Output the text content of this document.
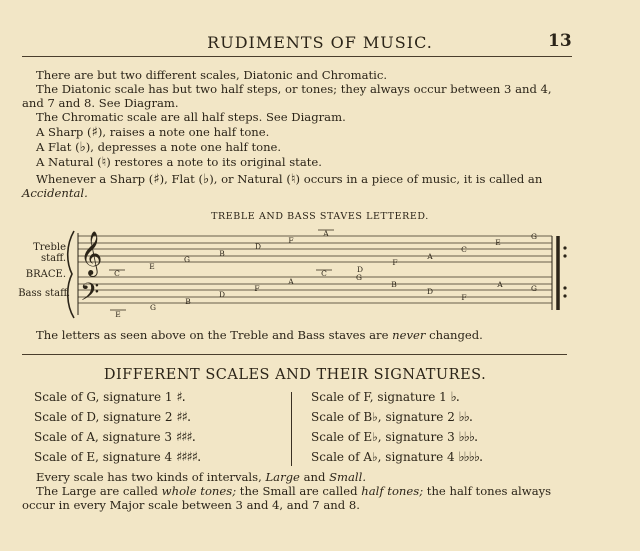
RUDIMENTS OF MUSIC.	13
There are but two different scales, Diatonic and Chromatic.
The Diatonic scale has but two half steps, or tones; they always occur between 3 and 4,
and 7 and 8. See Diagram.
The Chromatic scale are all half steps. See Diagram.
A Sharp (♯), raises a note one half tone.
A Flat (♭), depresses a note one half tone.
A Natural (♮) restores a note to its original state.
Whenever a Sharp (♯), Flat (♭), or Natural (♮) occurs in a piece of music, it is called an
Accidental.
TREBLE AND BASS STAVES LETTERED.
Treble
staff.
BRACE.
Bass staff.
𝄞
𝄢
A
F
D
B
G
E
C
G
E
C
A
F
D
C
A
F
D
B
G
E
G
B
D
F
A	G
The letters as seen above on the Treble and Bass staves are never changed.
DIFFERENT SCALES AND THEIR SIGNATURES.
Scale of G, signature 1 ♯.
Scale of D, signature 2 ♯♯.
Scale of A, signature 3 ♯♯♯.
Scale of E, signature 4 ♯♯♯♯.
Scale of F, signature 1 ♭.
Scale of B♭, signature 2 ♭♭.
Scale of E♭, signature 3 ♭♭♭.
Scale of A♭, signature 4 ♭♭♭♭.
Every scale has two kinds of intervals, Large and Small.
The Large are called whole tones; the Small are called half tones; the half tones always
occur in every Major scale between 3 and 4, and 7 and 8.
